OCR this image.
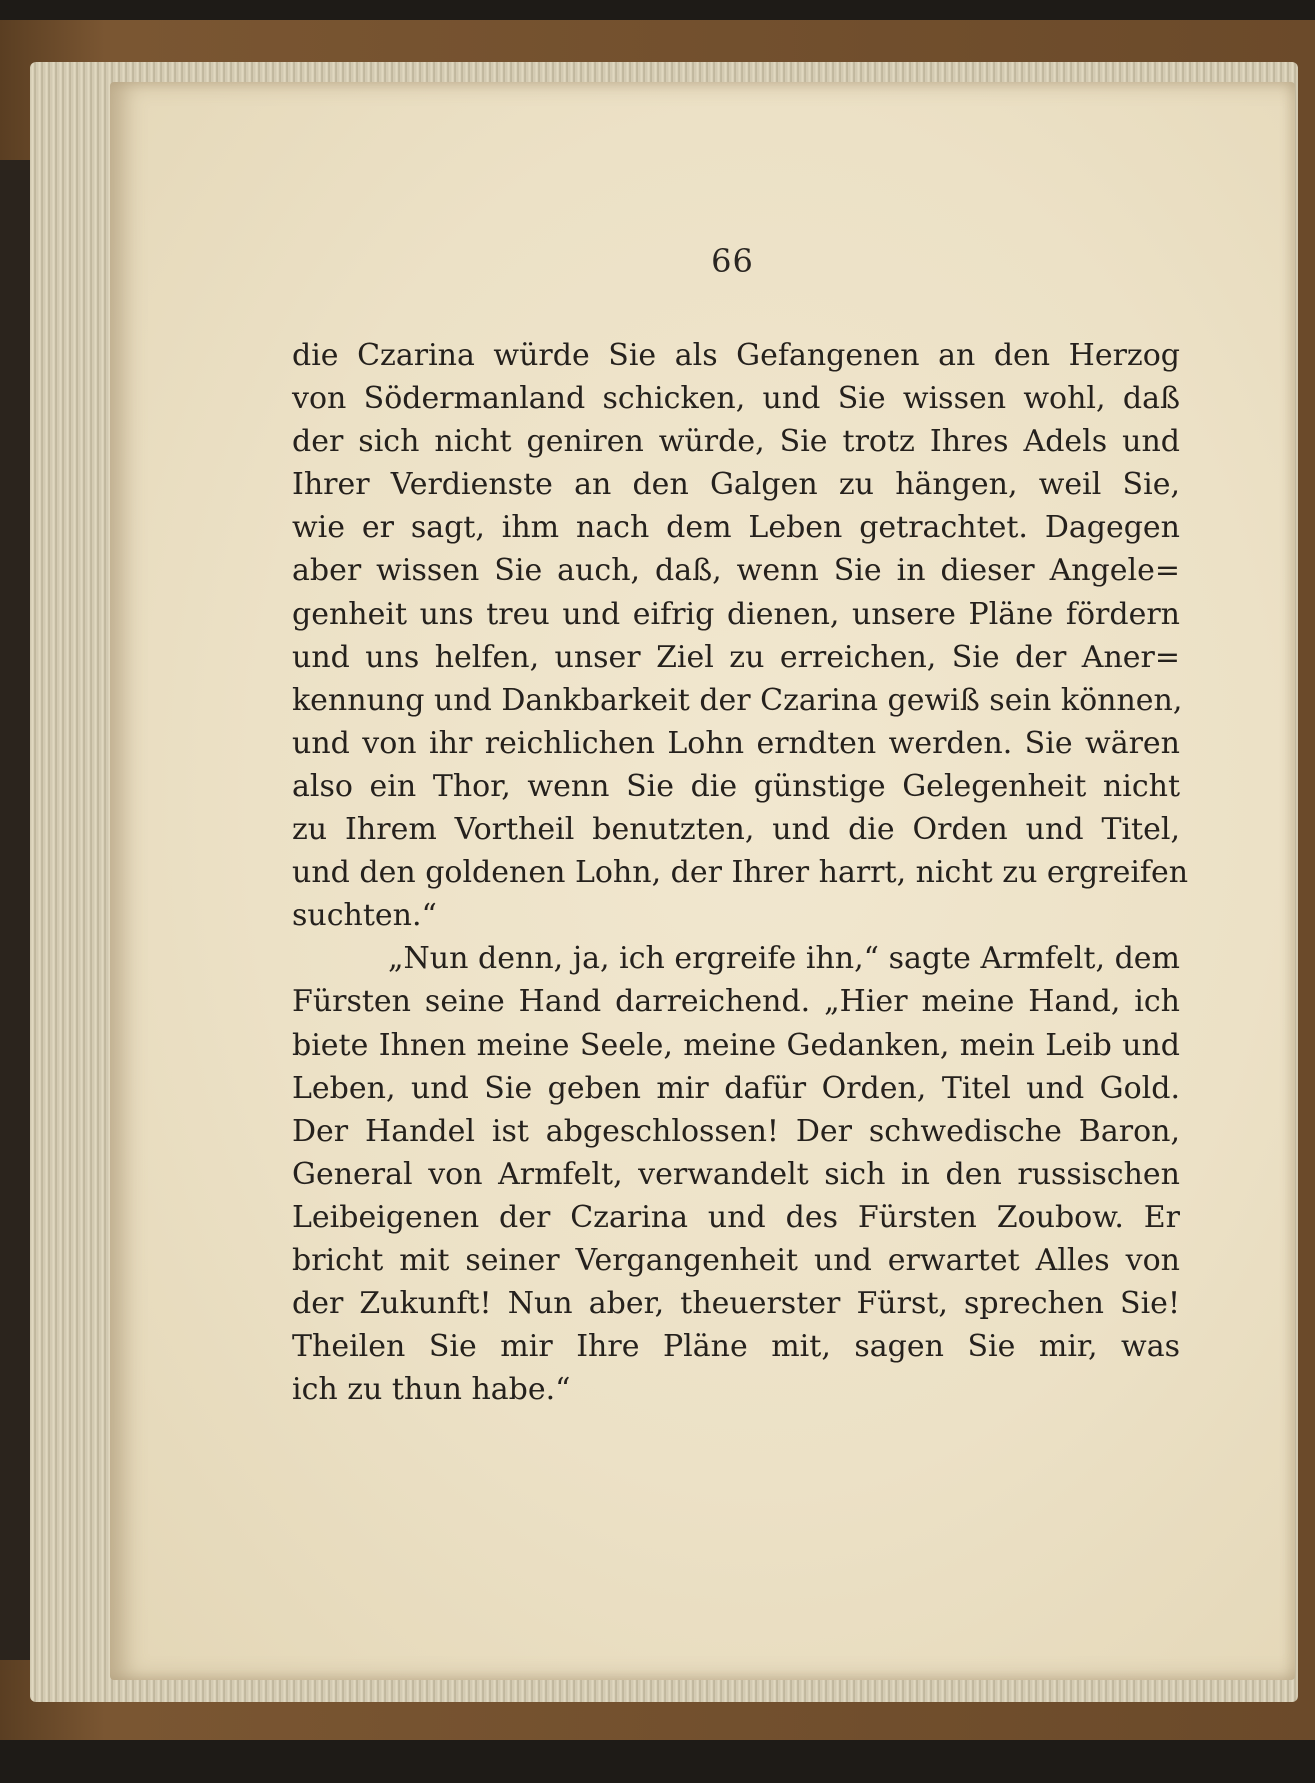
66
die Czarina würde Sie als Gefangenen an den Herzog
von Södermanland schicken, und Sie wissen wohl, daß
der sich nicht geniren würde, Sie trotz Ihres Adels und
Ihrer Verdienste an den Galgen zu hängen, weil Sie,
wie er sagt, ihm nach dem Leben getrachtet. Dagegen
aber wissen Sie auch, daß, wenn Sie in dieser Angele=
genheit uns treu und eifrig dienen, unsere Pläne fördern
und uns helfen, unser Ziel zu erreichen, Sie der Aner=
kennung und Dankbarkeit der Czarina gewiß sein können,
und von ihr reichlichen Lohn erndten werden. Sie wären
also ein Thor, wenn Sie die günstige Gelegenheit nicht
zu Ihrem Vortheil benutzten, und die Orden und Titel,
und den goldenen Lohn, der Ihrer harrt, nicht zu ergreifen
suchten.“
„Nun denn, ja, ich ergreife ihn,“ sagte Armfelt, dem
Fürsten seine Hand darreichend. „Hier meine Hand, ich
biete Ihnen meine Seele, meine Gedanken, mein Leib und
Leben, und Sie geben mir dafür Orden, Titel und Gold.
Der Handel ist abgeschlossen! Der schwedische Baron,
General von Armfelt, verwandelt sich in den russischen
Leibeigenen der Czarina und des Fürsten Zoubow. Er
bricht mit seiner Vergangenheit und erwartet Alles von
der Zukunft! Nun aber, theuerster Fürst, sprechen Sie!
Theilen Sie mir Ihre Pläne mit, sagen Sie mir, was
ich zu thun habe.“
